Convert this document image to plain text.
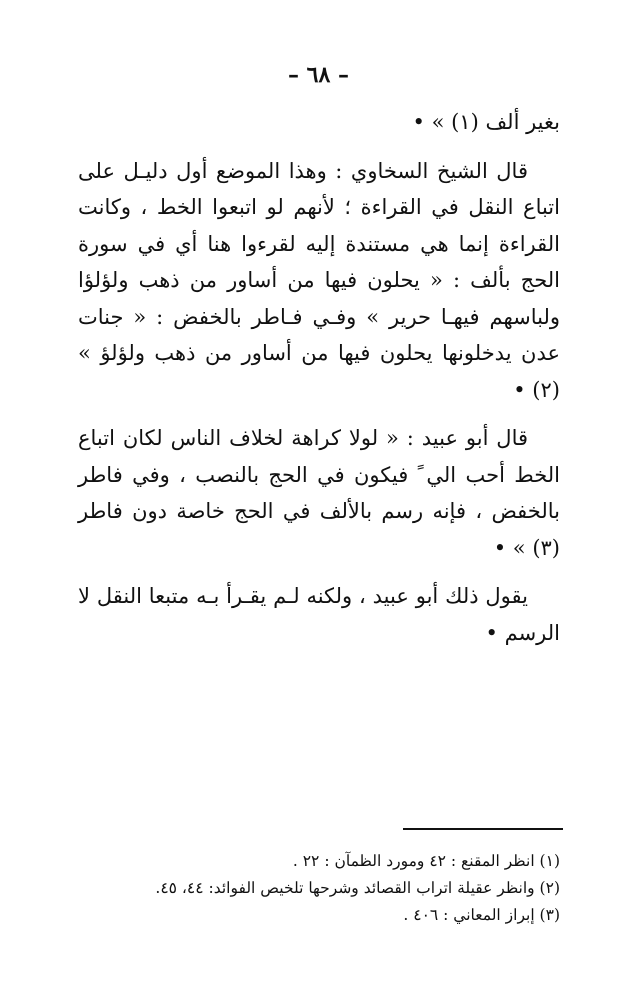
– ٦٨ –

بغير ألف (١) » •

قال الشيخ السخاوي : وهذا الموضع أول دليـل على اتباع النقل في القراءة ؛ لأنهم لو اتبعوا الخط ، وكانت القراءة إنما هي مستندة إليه لقرءوا هنا أي في سورة الحج بألف : « يحلون فيها من أساور من ذهب ولؤلؤا ولباسهم فيهـا حرير » وفـي فـاطر بالخفض : « جنات عدن يدخلونها يحلون فيها من أساور من ذهب ولؤلؤ » (٢) •

قال أبو عبيد : « لولا كراهة لخلاف الناس لكان اتباع الخط أحب الي ً فيكون في الحج بالنصب ، وفي فاطر بالخفض ، فإنه رسم بالألف في الحج خاصة دون فاطر (٣) » •

يقول ذلك أبو عبيد ، ولكنه لـم يقـرأ بـه متبعا النقل لا الرسم •

(١) انظر المقنع : ٤٢ ومورد الظمآن : ٢٢ .

(٢) وانظر عقيلة اتراب القصائد وشرحها تلخيص الفوائد: ٤٤، ٤٥.

(٣) إبراز المعاني : ٤٠٦ .
